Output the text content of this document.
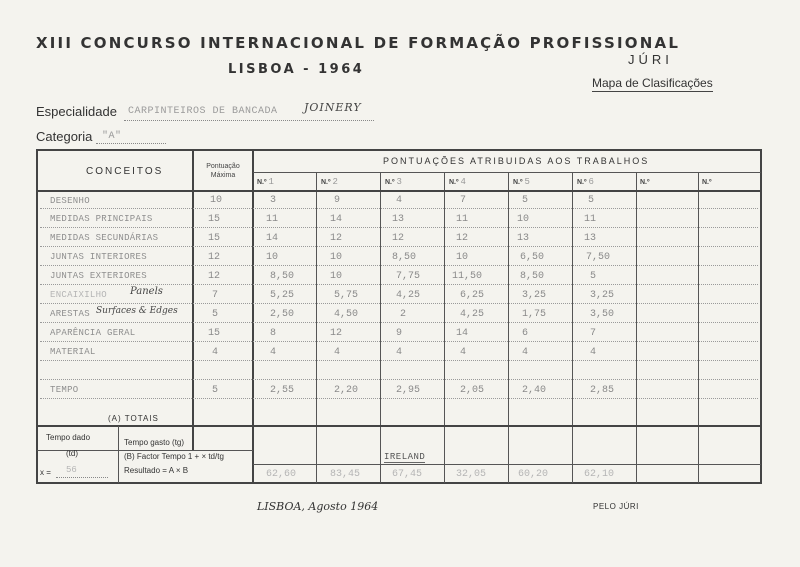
XIII CONCURSO INTERNACIONAL DE FORMAÇÃO PROFISSIONAL
LISBOA - 1964
JÚRI
Mapa de Clasificações
Especialidade CARPINTEIROS DE BANCADA JOINERY
Categoria "A"
CONCEITOS	Pontuação Máxima
PONTUAÇÕES ATRIBUIDAS AOS TRABALHOS
N.º 1	N.º 2	N.º 3	N.º 4	N.º 5	N.º 6	N.º	N.º
DESENHO	10	3	9	4	7	5	5
MEDIDAS PRINCIPAIS	15	11	14	13	11	10	11
MEDIDAS SECUNDÁRIAS	15	14	12	12	12	13	13
JUNTAS INTERIORES	12	10	10	8,50	10	6,50	7,50
JUNTAS EXTERIORES	12	8,50	10	7,75	11,50	8,50	5
ENCAIXILHO Panels	7	5,25	5,75	4,25	6,25	3,25	3,25
ARESTAS Surfaces & Edges	5	2,50	4,50	2	4,25	1,75	3,50
APARÊNCIA GERAL	15	8	12	9	14	6	7
MATERIAL	4	4	4	4	4	4	4
TEMPO	5	2,55	2,20	2,95	2,05	2,40	2,85
(A) TOTAIS
Tempo dado
(td)
x = 56
Tempo gasto (tg)
(B) Factor Tempo 1 + × td/tg
Resultado = A × B
IRELAND
62,60	83,45	67,45	32,05	60,20	62,10
LISBOA, Agosto 1964	PELO JÚRI
